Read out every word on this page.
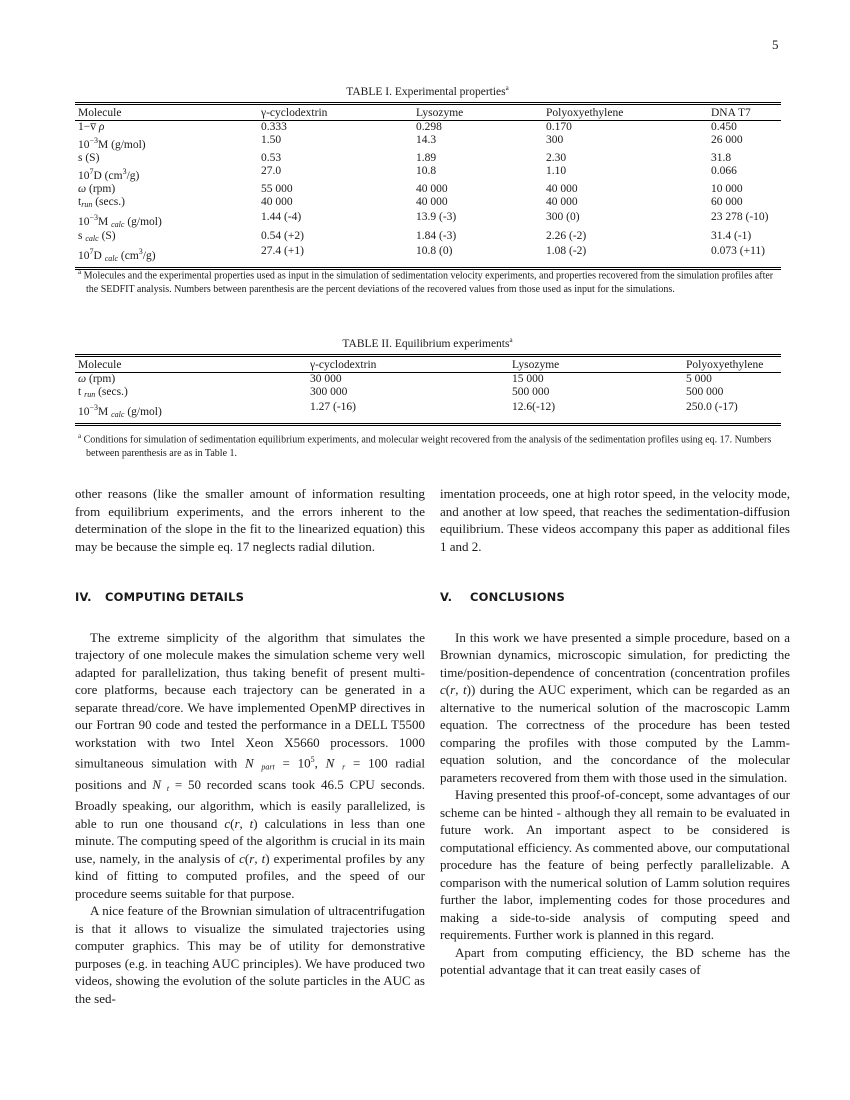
5
TABLE I. Experimental properties$^a$
Molecule	γ-cyclodextrin	Lysozyme	Polyoxyethylene	DNA T7
1−v̅ ρ	0.333	0.298	0.170	0.450
$10^{-3}M$ (g/mol)	1.50	14.3	300	26 000
s (S)	0.53	1.89	2.30	31.8
$10^7D$ $(cm^3/g)$	27.0	10.8	1.10	0.066
ω (rpm)	55 000	40 000	40 000	10 000
$t_{run}$ (secs.)	40 000	40 000	40 000	60 000
$10^{-3}M$ $_{calc}$ (g/mol)	1.44 (-4)	13.9 (-3)	300 (0)	23 278 (-10)
s $_{calc}$ (S)	0.54 (+2)	1.84 (-3)	2.26 (-2)	31.4 (-1)
$10^7D$ $_{calc}$ $(cm^3/g)$	27.4 (+1)	10.8 (0)	1.08 (-2)	0.073 (+11)
$^a$ Molecules and the experimental properties used as input in the simulation of sedimentation velocity experiments, and properties recovered from the simulation profiles after the SEDFIT analysis. Numbers between parenthesis are the percent deviations of the recovered values from those used as input for the simulations.
TABLE II. Equilibrium experiments$^a$
Molecule	γ-cyclodextrin	Lysozyme	Polyoxyethylene
ω (rpm)	30 000	15 000	5 000
t $_{run}$ (secs.)	300 000	500 000	500 000
$10^{-3}M$ $_{calc}$ (g/mol)	1.27 (-16)	12.6(-12)	250.0 (-17)
$^a$ Conditions for simulation of sedimentation equilibrium experiments, and molecular weight recovered from the analysis of the sedimentation profiles using eq. 17. Numbers between parenthesis are as in Table 1.

other reasons (like the smaller amount of information resulting from equilibrium experiments, and the errors inherent to the determination of the slope in the fit to the linearized equation) this may be because the simple eq. 17 neglects radial dilution.

IV. COMPUTING DETAILS

The extreme simplicity of the algorithm that simulates the trajectory of one molecule makes the simulation scheme very well adapted for parallelization, thus taking benefit of present multi-core platforms, because each trajectory can be generated in a separate thread/core. We have implemented OpenMP directives in our Fortran 90 code and tested the performance in a DELL T5500 workstation with two Intel Xeon X5660 processors. 1000 simultaneous simulation with N $_{part} = 10^5$, N $_r$ = 100 radial positions and N $_t$ = 50 recorded scans took 46.5 CPU seconds. Broadly speaking, our algorithm, which is easily parallelized, is able to run one thousand c(r, t) calculations in less than one minute. The computing speed of the algorithm is crucial in its main use, namely, in the analysis of c(r, t) experimental profiles by any kind of fitting to computed profiles, and the speed of our procedure seems suitable for that purpose.

A nice feature of the Brownian simulation of ultracentrifugation is that it allows to visualize the simulated trajectories using computer graphics. This may be of utility for demonstrative purposes (e.g. in teaching AUC principles). We have produced two videos, showing the evolution of the solute particles in the AUC as the sed-

imentation proceeds, one at high rotor speed, in the velocity mode, and another at low speed, that reaches the sedimentation-diffusion equilibrium. These videos accompany this paper as additional files 1 and 2.

V. CONCLUSIONS

In this work we have presented a simple procedure, based on a Brownian dynamics, microscopic simulation, for predicting the time/position-dependence of concentration (concentration profiles c(r, t)) during the AUC experiment, which can be regarded as an alternative to the numerical solution of the macroscopic Lamm equation. The correctness of the procedure has been tested comparing the profiles with those computed by the Lamm-equation solution, and the concordance of the molecular parameters recovered from them with those used in the simulation.

Having presented this proof-of-concept, some advantages of our scheme can be hinted - although they all remain to be evaluated in future work. An important aspect to be considered is computational efficiency. As commented above, our computational procedure has the feature of being perfectly parallelizable. A comparison with the numerical solution of Lamm solution requires further the labor, implementing codes for those procedures and making a side-to-side analysis of computing speed and requirements. Further work is planned in this regard.

Apart from computing efficiency, the BD scheme has the potential advantage that it can treat easily cases of
